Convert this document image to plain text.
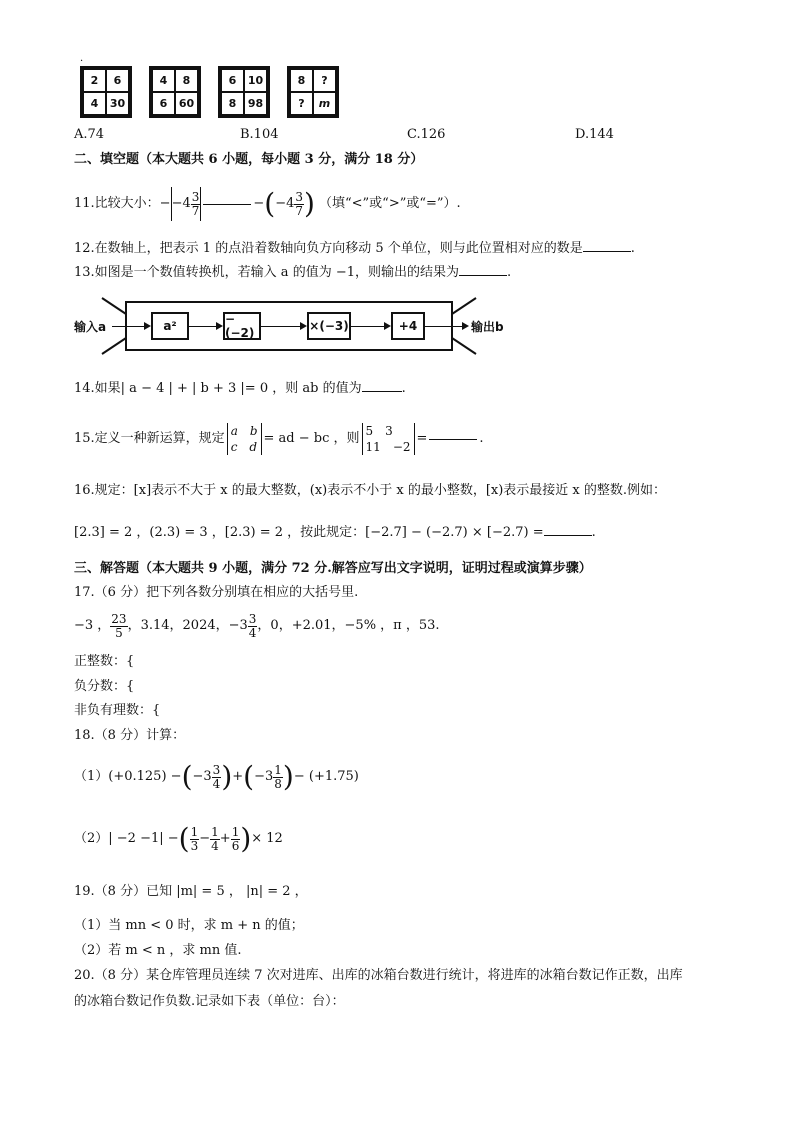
·
2	6
4	30
4	8
6	60
6	10
8	98
8	?
?	m
A.74	B.104	C.126	D.144
二、填空题（本大题共 6 小题，每小题 3 分，满分 18 分）
11.比较大小：− $-4 \frac{3}{7}$	− ( $-4 \frac{3}{7}$ ) （填“<”或“>”或“=”）.
12.在数轴上，把表示 1 的点沿着数轴向负方向移动 5 个单位，则与此位置相对应的数是	.
13.如图是一个数值转换机，若输入 a 的值为 −1，则输出的结果为	.
输入a	a²	−(−2)	×(−3)	+4	输出b
14.如果| a − 4 | + | b + 3 |= 0 ，则 ab 的值为	.
15.定义一种新运算，规定 a b
c d
= ad − bc ，则 5 3
11 −2
=	.
16.规定：[x]表示不大于 x 的最大整数，(x)表示不小于 x 的最小整数，[x)表示最接近 x 的整数.例如：
[2.3] = 2 ，(2.3) = 3 ，[2.3) = 2 ，按此规定：[−2.7] − (−2.7) × [−2.7) =	.
三、解答题（本大题共 9 小题，满分 72 分.解答应写出文字说明，证明过程或演算步骤）
17.（6 分）把下列各数分别填在相应的大括号里.
−3 ， $\frac{23}{5}$ ，3.14，2024，$-3 \frac{3}{4}$ ，0，+2.01，−5% ，π ，53.
正整数：{
负分数：{
非负有理数：{
18.（8 分）计算：
（1）(+0.125) − ( $-3 \frac{3}{4}$ ) + ( $-3 \frac{1}{8}$ ) − (+1.75)
（2）| −2 −1| − ( $\frac{1}{3} - \frac{1}{4} + \frac{1}{6}$ ) × 12
19.（8 分）已知 |m| = 5 ， |n| = 2 ，
（1）当 mn < 0 时，求 m + n 的值；
（2）若 m < n ，求 mn 值.
20.（8 分）某仓库管理员连续 7 次对进库、出库的冰箱台数进行统计，将进库的冰箱台数记作正数，出库
的冰箱台数记作负数.记录如下表（单位：台）：
